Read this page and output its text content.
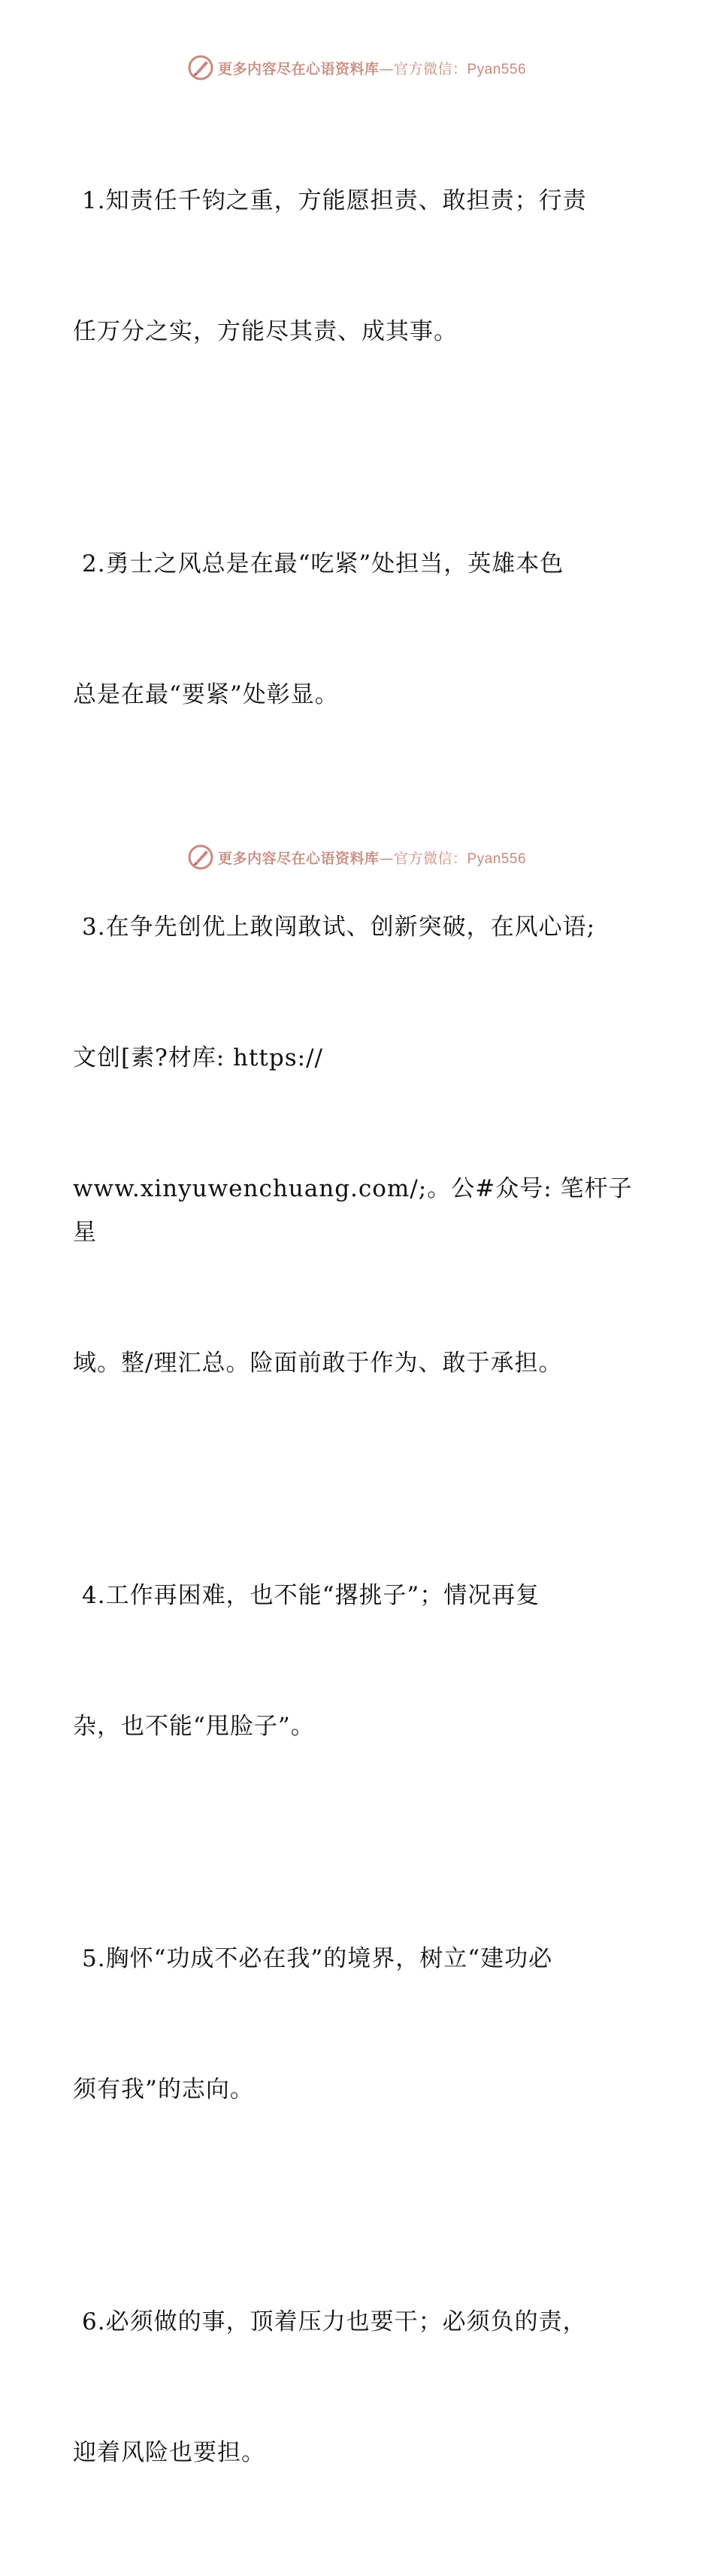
更多内容尽在心语资料库—官方微信：Pyan556

1.知责任千钧之重，方能愿担责、敢担责；行责

任万分之实，方能尽其责、成其事。

2.勇士之风总是在最“吃紧”处担当，英雄本色

总是在最“要紧”处彰显。

3.在争先创优上敢闯敢试、创新突破，在风心语;

文创[素?材库: https://

www.xinyuwenchuang.com/;。公#众号: 笔杆子星

域。整/理汇总。险面前敢于作为、敢于承担。

4.工作再困难，也不能“撂挑子”；情况再复

杂，也不能“甩脸子”。

5.胸怀“功成不必在我”的境界，树立“建功必

须有我”的志向。

6.必须做的事，顶着压力也要干；必须负的责，

迎着风险也要担。

更多内容尽在心语资料库—官方微信：Pyan556
